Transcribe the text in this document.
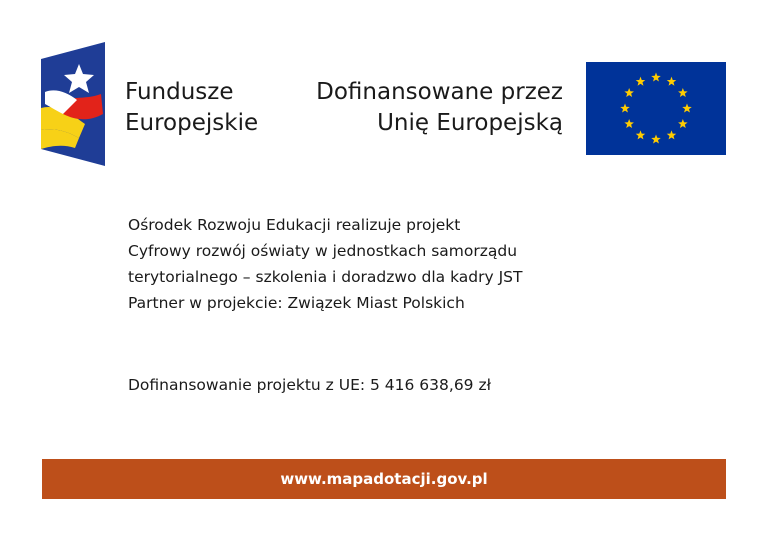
Fundusze
Europejskie
Dofinansowane przez
Unię Europejską
Ośrodek Rozwoju Edukacji realizuje projekt
Cyfrowy rozwój oświaty w jednostkach samorządu
terytorialnego – szkolenia i doradzwo dla kadry JST
Partner w projekcie: Związek Miast Polskich
Dofinansowanie projektu z UE: 5 416 638,69 zł
www.mapadotacji.gov.pl
